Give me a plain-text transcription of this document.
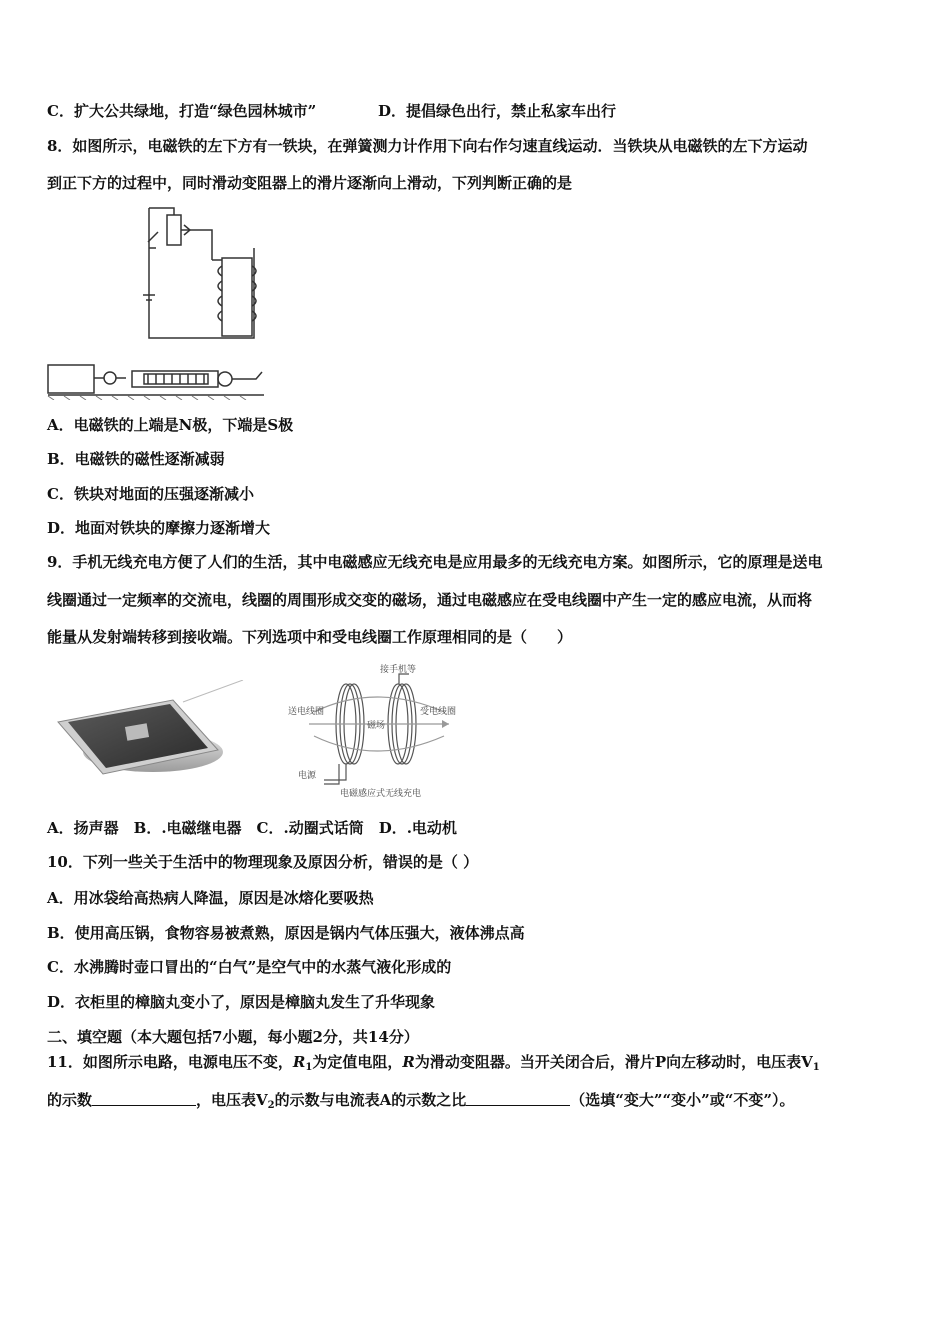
C．扩大公共绿地，打造“绿色园林城市”	D．提倡绿色出行，禁止私家车出行
8．如图所示，电磁铁的左下方有一铁块，在弹簧测力计作用下向右作匀速直线运动．当铁块从电磁铁的左下方运动
到正下方的过程中，同时滑动变阻器上的滑片逐渐向上滑动，下列判断正确的是
A．电磁铁的上端是N极，下端是S极
B．电磁铁的磁性逐渐减弱
C．铁块对地面的压强逐渐减小
D．地面对铁块的摩擦力逐渐增大
9．手机无线充电方便了人们的生活，其中电磁感应无线充电是应用最多的无线充电方案。如图所示，它的原理是送电
线圈通过一定频率的交流电，线圈的周围形成交变的磁场，通过电磁感应在受电线圈中产生一定的感应电流，从而将
能量从发射端转移到接收端。下列选项中和受电线圈工作原理相同的是（　　）
接手机等
送电线圈
磁场
受电线圈
电源
电磁感应式无线充电
A．扬声器　B．.电磁继电器　C．.动圈式话筒　D．.电动机
10．下列一些关于生活中的物理现象及原因分析，错误的是（ ）
A．用冰袋给高热病人降温，原因是冰熔化要吸热
B．使用高压锅，食物容易被煮熟，原因是锅内气体压强大，液体沸点高
C．水沸腾时壶口冒出的“白气”是空气中的水蒸气液化形成的
D．衣柜里的樟脑丸变小了，原因是樟脑丸发生了升华现象
二、填空题（本大题包括7小题，每小题2分，共14分）
11．如图所示电路，电源电压不变，$R_1$为定值电阻，R为滑动变阻器。当开关闭合后，滑片P向左移动时，电压表$V_1$
的示数	，电压表$V_2$的示数与电流表A的示数之比	（选填“变大”“变小”或“不变”）。
